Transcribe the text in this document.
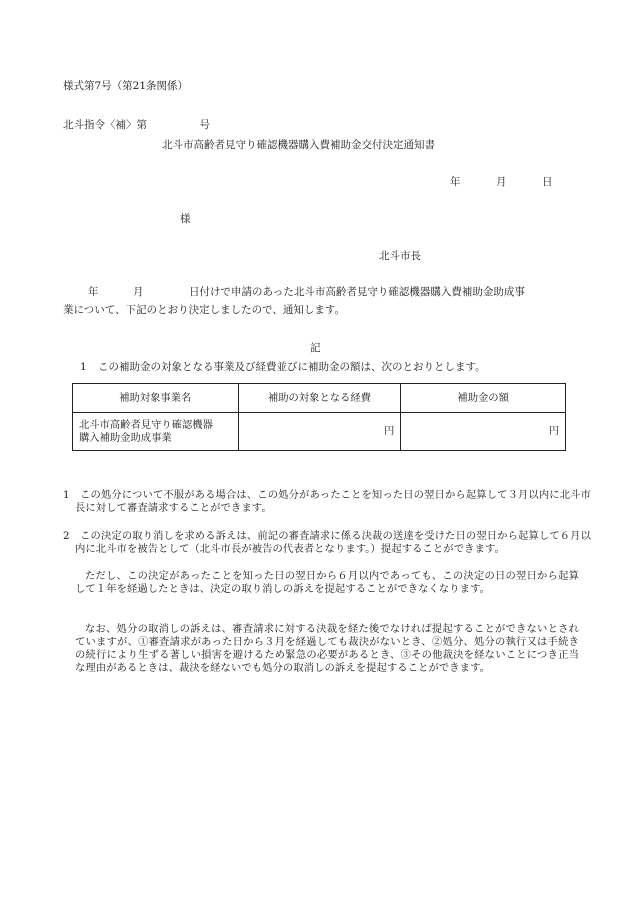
様式第7号（第21条関係）
北斗指令〈補〉第　　　　　号
北斗市高齢者見守り確認機器購入費補助金交付決定通知書
年	月	日
様
北斗市長
年	月	日付けで申請のあった北斗市高齢者見守り確認機器購入費補助金助成事
業について、下記のとおり決定しましたので、通知します。
記
1 この補助金の対象となる事業及び経費並びに補助金の額は、次のとおりとします。
補助対象事業名	補助の対象となる経費	補助金の額

北斗市高齢者見守り確認機器
購入補助金助成事業	円	円
1　この処分について不服がある場合は、この処分があったことを知った日の翌日から起算して３月以内に北斗市長に対して審査請求することができます。
2　この決定の取り消しを求める訴えは、前記の審査請求に係る決裁の送達を受けた日の翌日から起算して６月以内に北斗市を被告として（北斗市長が被告の代表者となります。）提起することができます。
ただし、この決定があったことを知った日の翌日から６月以内であっても、この決定の日の翌日から起算して１年を経過したときは、決定の取り消しの訴えを提起することができなくなります。
なお、処分の取消しの訴えは、審査請求に対する決裁を経た後でなければ提起することができないとされていますが、①審査請求があった日から３月を経過しても裁決がないとき、②処分、処分の執行又は手続きの続行により生ずる著しい損害を避けるため緊急の必要があるとき、③その他裁決を経ないことにつき正当な理由があるときは、裁決を経ないでも処分の取消しの訴えを提起することができます。
